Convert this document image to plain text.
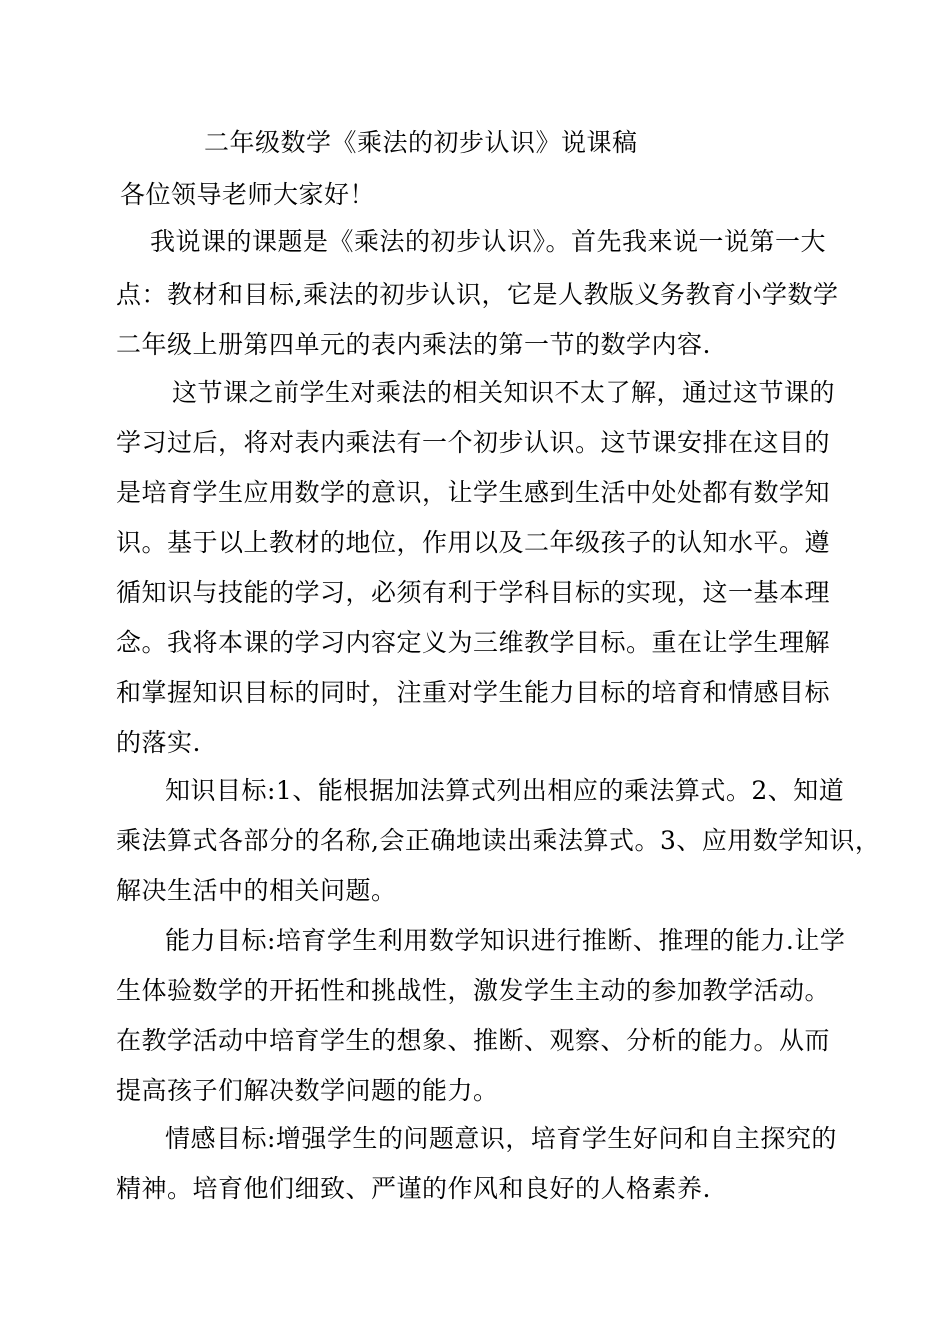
二年级数学《乘法的初步认识》说课稿
各位领导老师大家好！
我说课的课题是《乘法的初步认识》。首先我来说一说第一大
点：教材和目标,乘法的初步认识，它是人教版义务教育小学数学
二年级上册第四单元的表内乘法的第一节的数学内容.
这节课之前学生对乘法的相关知识不太了解，通过这节课的
学习过后，将对表内乘法有一个初步认识。这节课安排在这目的
是培育学生应用数学的意识，让学生感到生活中处处都有数学知
识。基于以上教材的地位，作用以及二年级孩子的认知水平。遵
循知识与技能的学习，必须有利于学科目标的实现，这一基本理
念。我将本课的学习内容定义为三维教学目标。重在让学生理解
和掌握知识目标的同时，注重对学生能力目标的培育和情感目标
的落实.
知识目标:1、能根据加法算式列出相应的乘法算式。2、知道
乘法算式各部分的名称,会正确地读出乘法算式。3、应用数学知识，
解决生活中的相关问题。
能力目标:培育学生利用数学知识进行推断、推理的能力.让学
生体验数学的开拓性和挑战性，激发学生主动的参加教学活动。
在教学活动中培育学生的想象、推断、观察、分析的能力。从而
提高孩子们解决数学问题的能力。
情感目标:增强学生的问题意识，培育学生好问和自主探究的
精神。培育他们细致、严谨的作风和良好的人格素养.
